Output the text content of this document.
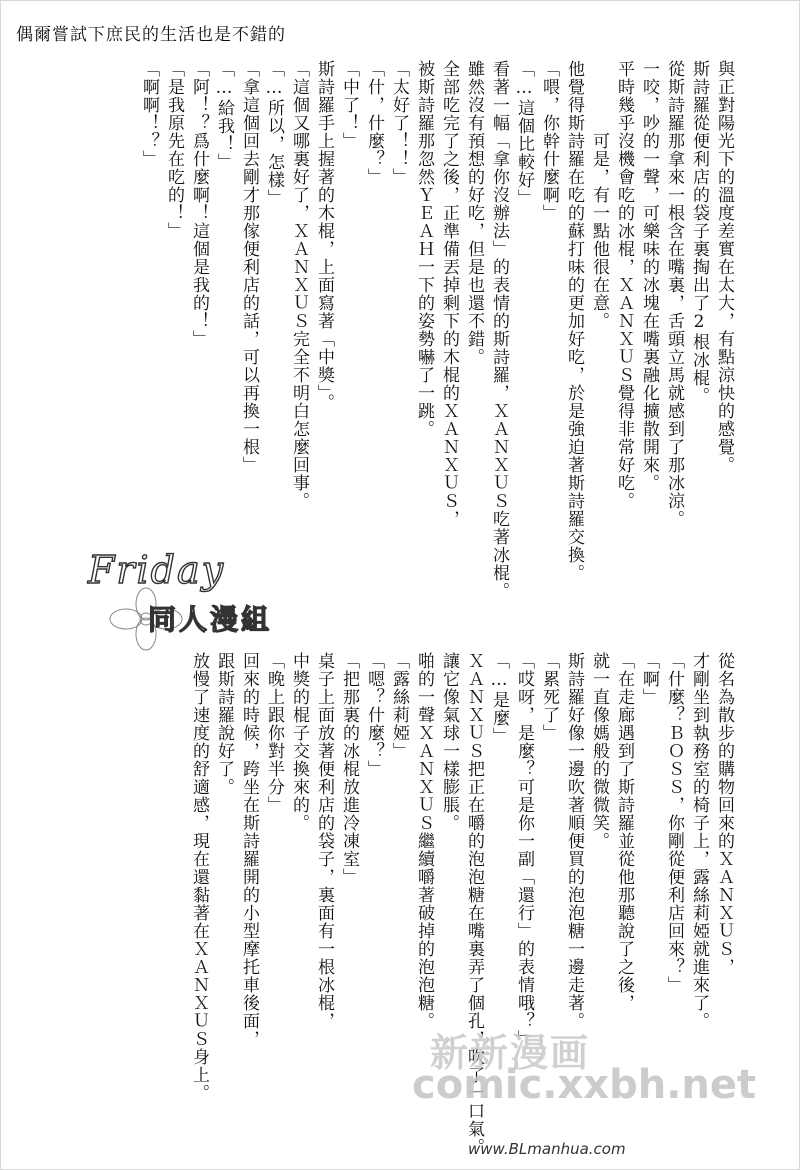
偶爾嘗試下庶民的生活也是不錯的

與正對陽光下的溫度差實在太大，有點涼快的感覺。

斯詩羅從便利店的袋子裏掏出了2根冰棍。

從斯詩羅那拿來一根含在嘴裏，舌頭立馬就感到了那冰涼。

一咬，吵的一聲，可樂味的冰塊在嘴裏融化擴散開來。

平時幾乎沒機會吃的冰棍，ＸＡＮＸＵＳ覺得非常好吃。

　　　　可是，有一點他很在意。

他覺得斯詩羅在吃的蘇打味的更加好吃，於是強迫著斯詩羅交換。

「喂，你幹什麼啊」

「…這個比較好」

看著一幅「拿你沒辦法」的表情的斯詩羅，ＸＡＮＸＵＳ吃著冰棍。

雖然沒有預想的好吃，但是也還不錯。

全部吃完了之後，正準備丟掉剩下的木棍的ＸＡＮＸＵＳ，

被斯詩羅那忽然ＹＥＡＨ一下的姿勢嚇了一跳。

「太好了！！」

「什，什麼？」

「中了！」

斯詩羅手上握著的木棍，上面寫著「中獎」。

「這個又哪裏好了，ＸＡＮＸＵＳ完全不明白怎麼回事。

「…所以，怎樣」

「拿這個回去剛才那傢便利店的話，可以再換一根」

「…給我！」

「阿！？爲什麼啊！這個是我的！」

「是我原先在吃的！」

「啊啊！？」

從名為散步的購物回來的ＸＡＮＸＵＳ，

才剛坐到執務室的椅子上，露絲莉婭就進來了。

「什麼？ＢＯＳＳ，你剛從便利店回來？」

「啊」

「在走廊遇到了斯詩羅並從他那聽說了之後，

就一直像媽般的微微笑。

斯詩羅好像一邊吹著順便買的泡泡糖一邊走著。

「累死了」

「哎呀，是麼？可是你一副「還行」的表情哦？」

「…是麼」

ＸＡＮＸＵＳ把正在嚼的泡泡糖在嘴裏弄了個孔，吹了一口氣。

讓它像氣球一樣膨脹。

啪的一聲ＸＡＮＸＵＳ繼續嚼著破掉的泡泡糖。

「露絲莉婭」

「嗯？什麼？」

「把那裏的冰棍放進冷凍室」

桌子上面放著便利店的袋子，裏面有一根冰棍，

中獎的棍子交換來的。

「晚上跟你對半分」

回來的時候，跨坐在斯詩羅開的小型摩托車後面，

跟斯詩羅說好了。

放慢了速度的舒適感，現在還黏著在ＸＡＮＸＵＳ身上。

Friday
同人漫組
新新漫画
comic.xxbh.net
www.BLmanhua.com
